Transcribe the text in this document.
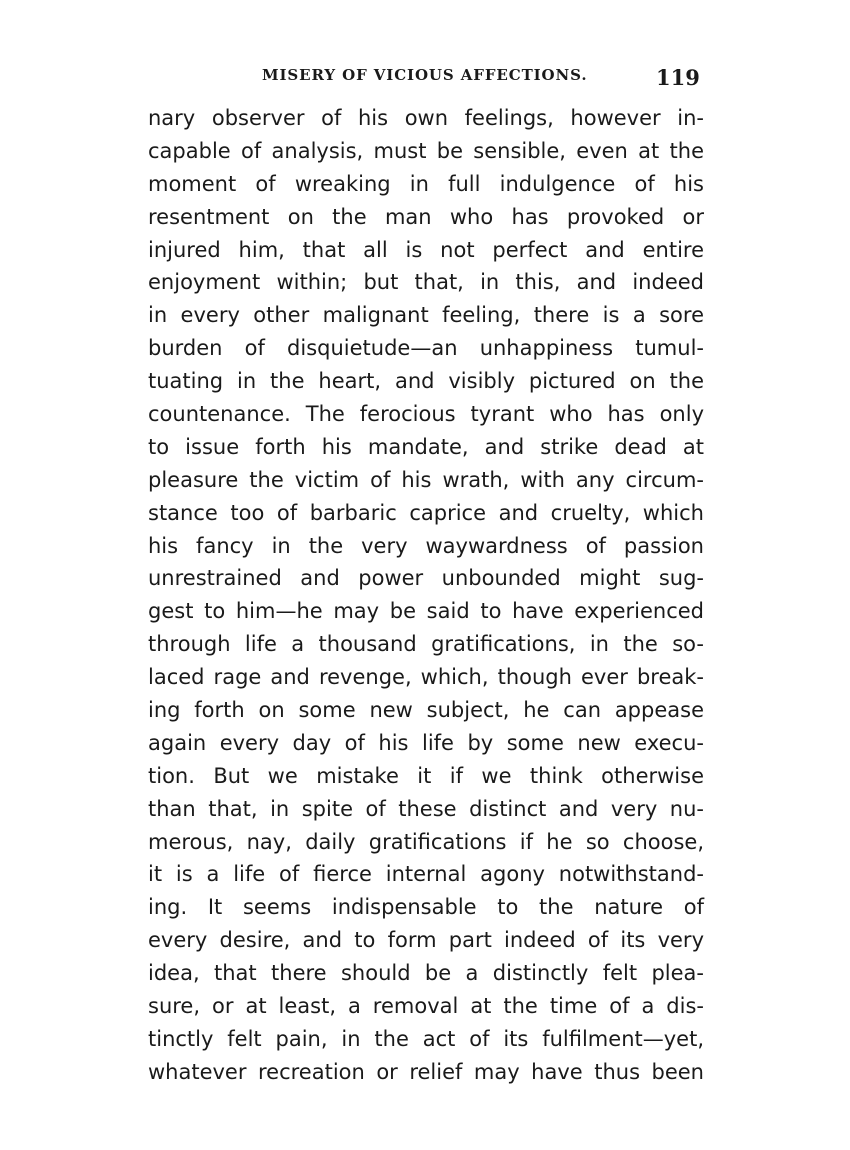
MISERY OF VICIOUS AFFECTIONS.	119
nary observer of his own feelings, however in-
capable of analysis, must be sensible, even at the
moment of wreaking in full indulgence of his
resentment on the man who has provoked or
injured him, that all is not perfect and entire
enjoyment within; but that, in this, and indeed
in every other malignant feeling, there is a sore
burden of disquietude—an unhappiness tumul-
tuating in the heart, and visibly pictured on the
countenance. The ferocious tyrant who has only
to issue forth his mandate, and strike dead at
pleasure the victim of his wrath, with any circum-
stance too of barbaric caprice and cruelty, which
his fancy in the very waywardness of passion
unrestrained and power unbounded might sug-
gest to him—he may be said to have experienced
through life a thousand gratifications, in the so-
laced rage and revenge, which, though ever break-
ing forth on some new subject, he can appease
again every day of his life by some new execu-
tion. But we mistake it if we think otherwise
than that, in spite of these distinct and very nu-
merous, nay, daily gratifications if he so choose,
it is a life of fierce internal agony notwithstand-
ing. It seems indispensable to the nature of
every desire, and to form part indeed of its very
idea, that there should be a distinctly felt plea-
sure, or at least, a removal at the time of a dis-
tinctly felt pain, in the act of its fulfilment—yet,
whatever recreation or relief may have thus been
